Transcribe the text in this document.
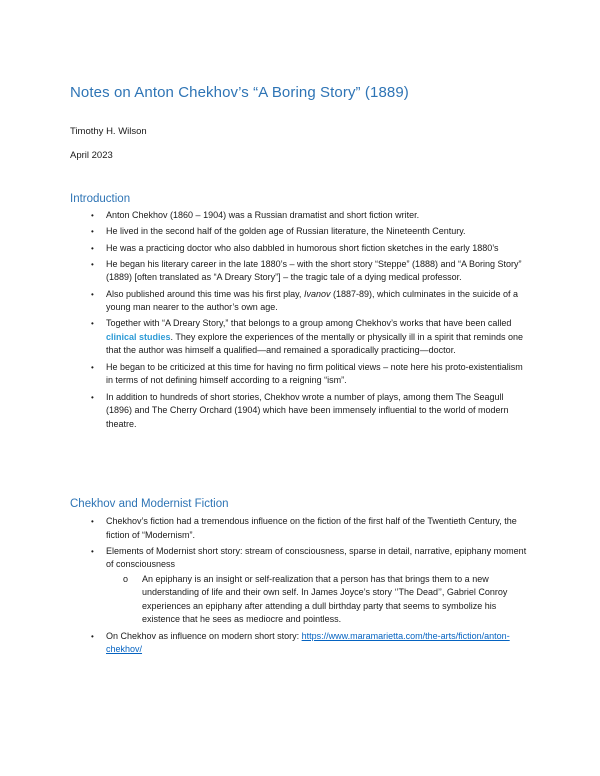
Notes on Anton Chekhov’s “A Boring Story” (1889)

Timothy H. Wilson

April 2023

Introduction
• Anton Chekhov (1860 – 1904) was a Russian dramatist and short fiction writer.
• He lived in the second half of the golden age of Russian literature, the Nineteenth Century.
• He was a practicing doctor who also dabbled in humorous short fiction sketches in the early 1880’s
• He began his literary career in the late 1880’s – with the short story “Steppe” (1888) and “A Boring Story” (1889) [often translated as “A Dreary Story”] – the tragic tale of a dying medical professor.
• Also published around this time was his first play, Ivanov (1887-89), which culminates in the suicide of a young man nearer to the author’s own age.
• Together with “A Dreary Story,” that belongs to a group among Chekhov’s works that have been called clinical studies. They explore the experiences of the mentally or physically ill in a spirit that reminds one that the author was himself a qualified—and remained a sporadically practicing—doctor.
• He began to be criticized at this time for having no firm political views – note here his proto-existentialism in terms of not defining himself according to a reigning “ism”.
• In addition to hundreds of short stories, Chekhov wrote a number of plays, among them The Seagull (1896) and The Cherry Orchard (1904) which have been immensely influential to the world of modern theatre.
Chekhov and Modernist Fiction
• Chekhov’s fiction had a tremendous influence on the fiction of the first half of the Twentieth Century, the fiction of “Modernism”.
• Elements of Modernist short story: stream of consciousness, sparse in detail, narrative, epiphany moment of consciousness
o An epiphany is an insight or self-realization that a person has that brings them to a new understanding of life and their own self. In James Joyce’s story ‘’The Dead’’, Gabriel Conroy experiences an epiphany after attending a dull birthday party that seems to symbolize his existence that he sees as mediocre and pointless.
• On Chekhov as influence on modern short story: https://www.maramarietta.com/the-arts/fiction/anton-chekhov/
